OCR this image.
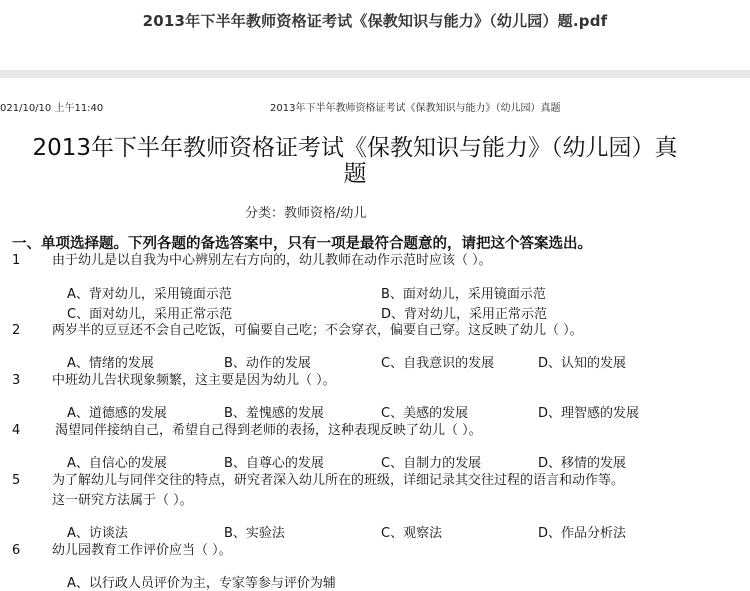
2013年下半年教师资格证考试《保教知识与能力》（幼儿园）题.pdf
021/10/10 上午11:40	2013年下半年教师资格证考试《保教知识与能力》（幼儿园）真题
2013年下半年教师资格证考试《保教知识与能力》（幼儿园）真
题
分类：教师资格/幼儿
一、单项选择题。下列各题的备选答案中，只有一项是最符合题意的，请把这个答案选出。
1 由于幼儿是以自我为中心辨别左右方向的，幼儿教师在动作示范时应该（ ）。
A、背对幼儿，采用镜面示范	B、面对幼儿，采用镜面示范
C、面对幼儿，采用正常示范	D、背对幼儿，采用正常示范
2 两岁半的豆豆还不会自己吃饭，可偏要自己吃；不会穿衣，偏要自己穿。这反映了幼儿（ ）。
A、情绪的发展	B、动作的发展	C、自我意识的发展	D、认知的发展
3 中班幼儿告状现象频繁，这主要是因为幼儿（ ）。
A、道德感的发展	B、羞愧感的发展	C、美感的发展	D、理智感的发展
4	渴望同伴接纳自己，希望自己得到老师的表扬，这种表现反映了幼儿（ ）。
A、自信心的发展	B、自尊心的发展	C、自制力的发展	D、移情的发展
5 为了解幼儿与同伴交往的特点，研究者深入幼儿所在的班级，详细记录其交往过程的语言和动作等。
这一研究方法属于（ ）。
A、访谈法	B、实验法	C、观察法	D、作品分析法
6 幼儿园教育工作评价应当（ ）。
A、以行政人员评价为主，专家等参与评价为辅
